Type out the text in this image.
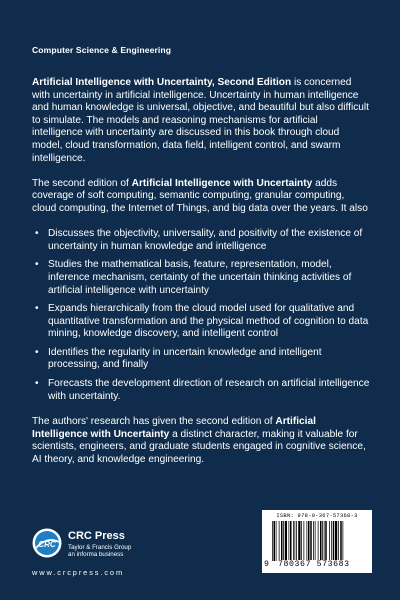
Computer Science & Engineering

Artificial Intelligence with Uncertainty, Second Edition is concerned with uncertainty in artificial intelligence. Uncertainty in human intelligence and human knowledge is universal, objective, and beautiful but also difficult to simulate. The models and reasoning mechanisms for artificial intelligence with uncertainty are discussed in this book through cloud model, cloud transformation, data field, intelligent control, and swarm intelligence.

The second edition of Artificial Intelligence with Uncertainty adds coverage of soft computing, semantic computing, granular computing, cloud computing, the Internet of Things, and big data over the years. It also

• Discusses the objectivity, universality, and positivity of the existence of uncertainty in human knowledge and intelligence
• Studies the mathematical basis, feature, representation, model, inference mechanism, certainty of the uncertain thinking activities of artificial intelligence with uncertainty
• Expands hierarchically from the cloud model used for qualitative and quantitative transformation and the physical method of cognition to data mining, knowledge discovery, and intelligent control
• Identifies the regularity in uncertain knowledge and intelligent processing, and finally
• Forecasts the development direction of research on artificial intelligence with uncertainty.

The authors' research has given the second edition of Artificial Intelligence with Uncertainty a distinct character, making it valuable for scientists, engineers, and graduate students engaged in cognitive science, AI theory, and knowledge engineering.

CRC
CRC Press
Taylor & Francis Group
an informa business
www.crcpress.com
ISBN: 978-0-367-57368-3
9 780367 573683
